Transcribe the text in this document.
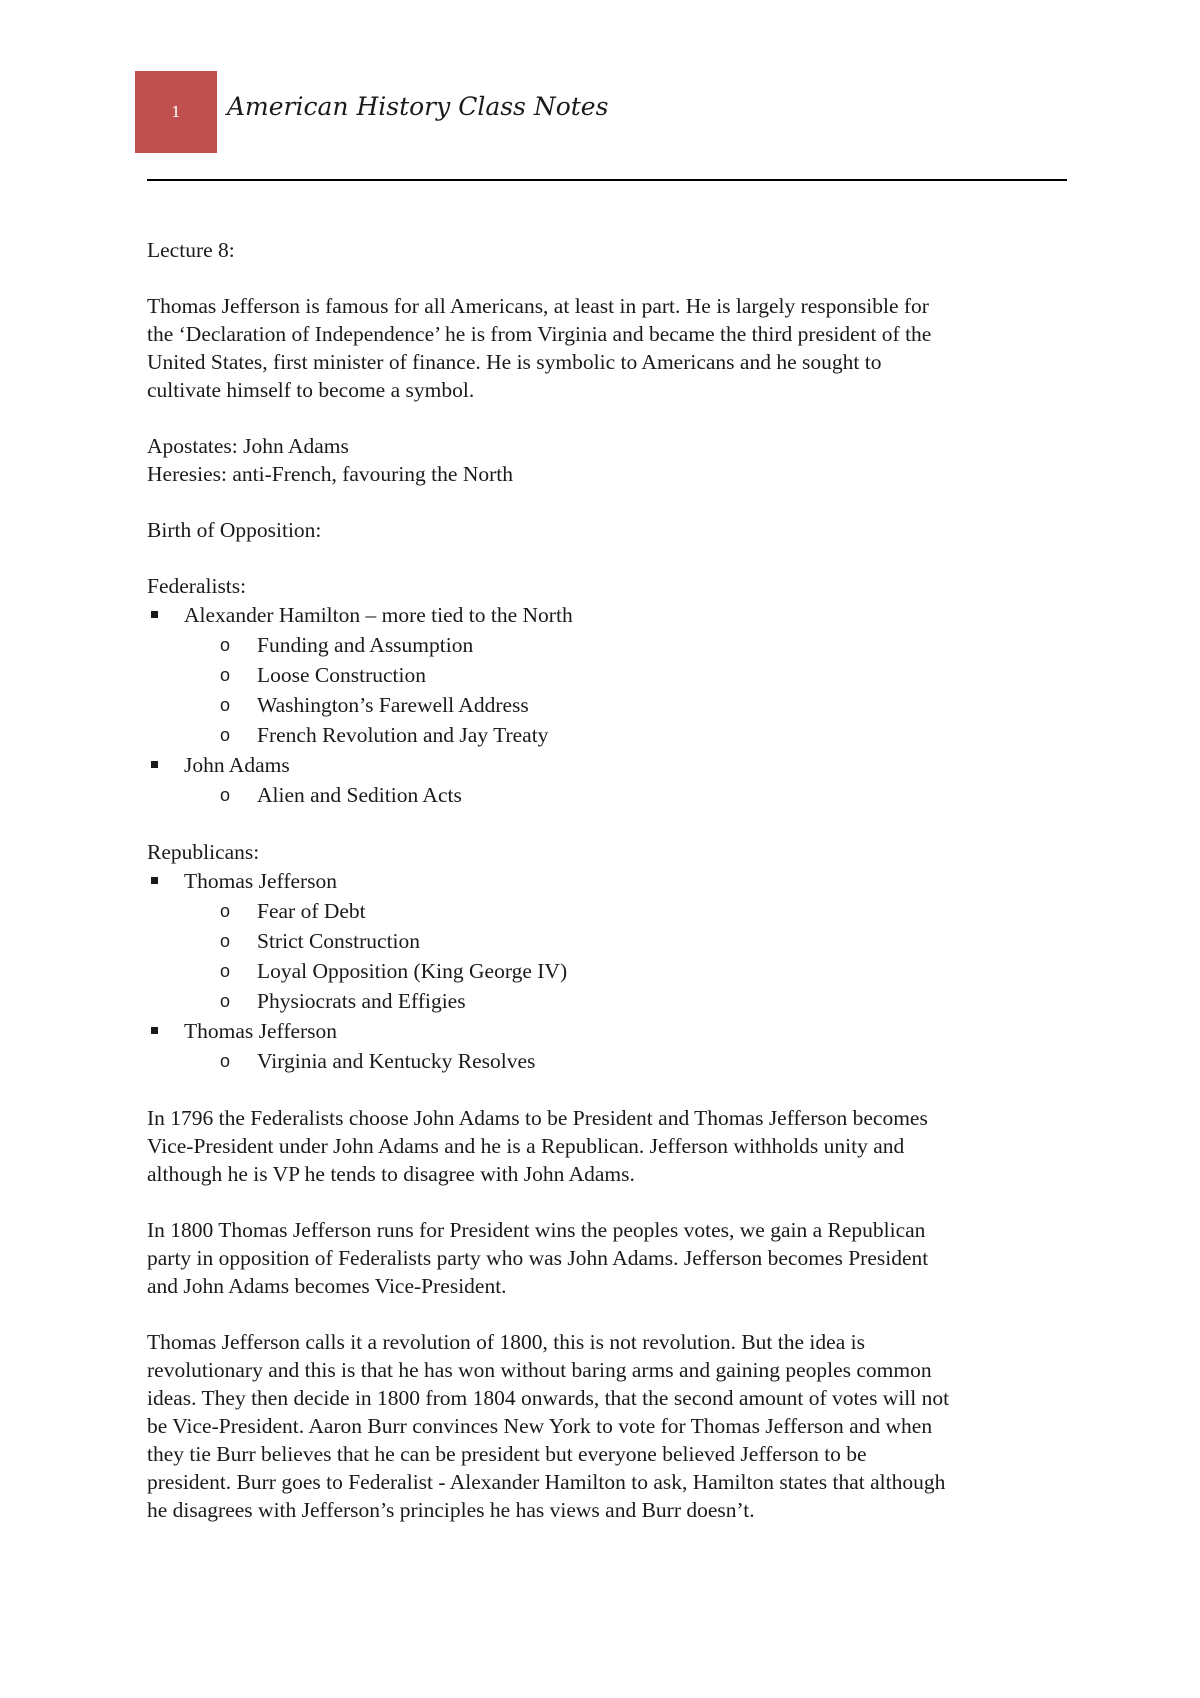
1 American History Class Notes

Lecture 8:

Thomas Jefferson is famous for all Americans, at least in part. He is largely responsible for
the ‘Declaration of Independence’ he is from Virginia and became the third president of the
United States, first minister of finance. He is symbolic to Americans and he sought to
cultivate himself to become a symbol.

Apostates: John Adams
Heresies: anti-French, favouring the North

Birth of Opposition:

Federalists:
Alexander Hamilton – more tied to the North
o Funding and Assumption
o Loose Construction
o Washington’s Farewell Address
o French Revolution and Jay Treaty
John Adams
o Alien and Sedition Acts
Republicans:
Thomas Jefferson
o Fear of Debt
o Strict Construction
o Loyal Opposition (King George IV)
o Physiocrats and Effigies
Thomas Jefferson
o Virginia and Kentucky Resolves

In 1796 the Federalists choose John Adams to be President and Thomas Jefferson becomes
Vice-President under John Adams and he is a Republican. Jefferson withholds unity and
although he is VP he tends to disagree with John Adams.

In 1800 Thomas Jefferson runs for President wins the peoples votes, we gain a Republican
party in opposition of Federalists party who was John Adams. Jefferson becomes President
and John Adams becomes Vice-President.

Thomas Jefferson calls it a revolution of 1800, this is not revolution. But the idea is
revolutionary and this is that he has won without baring arms and gaining peoples common
ideas. They then decide in 1800 from 1804 onwards, that the second amount of votes will not
be Vice-President. Aaron Burr convinces New York to vote for Thomas Jefferson and when
they tie Burr believes that he can be president but everyone believed Jefferson to be
president. Burr goes to Federalist - Alexander Hamilton to ask, Hamilton states that although
he disagrees with Jefferson’s principles he has views and Burr doesn’t.
